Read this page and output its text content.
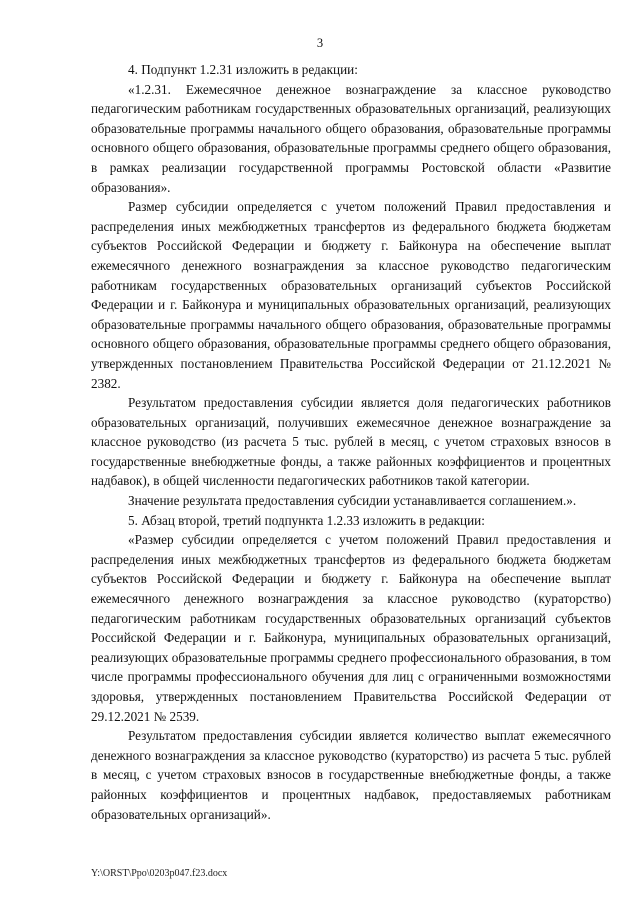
3

4. Подпункт 1.2.31 изложить в редакции:

«1.2.31. Ежемесячное денежное вознаграждение за классное руководство педагогическим работникам государственных образовательных организаций, реализующих образовательные программы начального общего образования, образовательные программы основного общего образования, образовательные программы среднего общего образования, в рамках реализации государственной программы Ростовской области «Развитие образования».

Размер субсидии определяется с учетом положений Правил предоставления и распределения иных межбюджетных трансфертов из федерального бюджета бюджетам субъектов Российской Федерации и бюджету г. Байконура на обеспечение выплат ежемесячного денежного вознаграждения за классное руководство педагогическим работникам государственных образовательных организаций субъектов Российской Федерации и г. Байконура и муниципальных образовательных организаций, реализующих образовательные программы начального общего образования, образовательные программы основного общего образования, образовательные программы среднего общего образования, утвержденных постановлением Правительства Российской Федерации от 21.12.2021 № 2382.

Результатом предоставления субсидии является доля педагогических работников образовательных организаций, получивших ежемесячное денежное вознаграждение за классное руководство (из расчета 5 тыс. рублей в месяц, с учетом страховых взносов в государственные внебюджетные фонды, а также районных коэффициентов и процентных надбавок), в общей численности педагогических работников такой категории.

Значение результата предоставления субсидии устанавливается соглашением.».

5. Абзац второй, третий подпункта 1.2.33 изложить в редакции:

«Размер субсидии определяется с учетом положений Правил предоставления и распределения иных межбюджетных трансфертов из федерального бюджета бюджетам субъектов Российской Федерации и бюджету г. Байконура на обеспечение выплат ежемесячного денежного вознаграждения за классное руководство (кураторство) педагогическим работникам государственных образовательных организаций субъектов Российской Федерации и г. Байконура, муниципальных образовательных организаций, реализующих образовательные программы среднего профессионального образования, в том числе программы профессионального обучения для лиц с ограниченными возможностями здоровья, утвержденных постановлением Правительства Российской Федерации от 29.12.2021 № 2539.

Результатом предоставления субсидии является количество выплат ежемесячного денежного вознаграждения за классное руководство (кураторство) из расчета 5 тыс. рублей в месяц, с учетом страховых взносов в государственные внебюджетные фонды, а также районных коэффициентов и процентных надбавок, предоставляемых работникам образовательных организаций».

Y:\ORST\Ppo\0203p047.f23.docx
